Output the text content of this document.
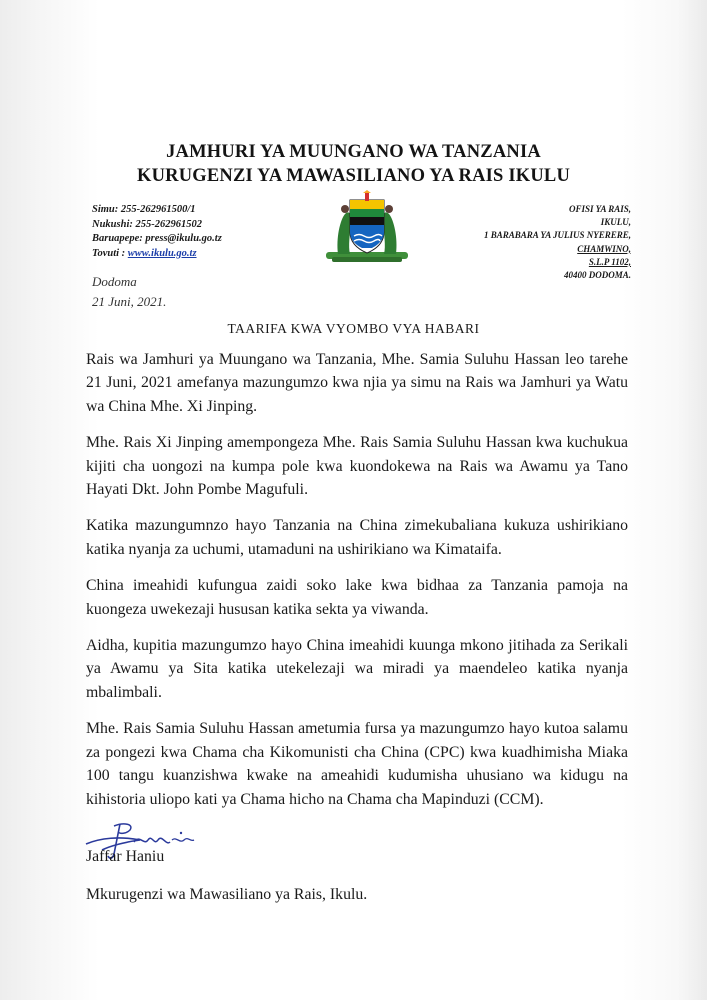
JAMHURI YA MUUNGANO WA TANZANIA
KURUGENZI YA MAWASILIANO YA RAIS IKULU
Simu: 255-262961500/1
Nukushi: 255-262961502
Baruapepe: press@ikulu.go.tz
Tovuti : www.ikulu.go.tz
OFISI YA RAIS,
IKULU,
1 BARABARA YA JULIUS NYERERE,
CHAMWINO,
S.L.P 1102,
40400 DODOMA.
Dodoma
21 Juni, 2021.
TAARIFA KWA VYOMBO VYA HABARI

Rais wa Jamhuri ya Muungano wa Tanzania, Mhe. Samia Suluhu Hassan leo tarehe 21 Juni, 2021 amefanya mazungumzo kwa njia ya simu na Rais wa Jamhuri ya Watu wa China Mhe. Xi Jinping.

Mhe. Rais Xi Jinping amempongeza Mhe. Rais Samia Suluhu Hassan kwa kuchukua kijiti cha uongozi na kumpa pole kwa kuondokewa na Rais wa Awamu ya Tano Hayati Dkt. John Pombe Magufuli.

Katika mazungumnzo hayo Tanzania na China zimekubaliana kukuza ushirikiano katika nyanja za uchumi, utamaduni na ushirikiano wa Kimataifa.

China imeahidi kufungua zaidi soko lake kwa bidhaa za Tanzania pamoja na kuongeza uwekezaji hususan katika sekta ya viwanda.

Aidha, kupitia mazungumzo hayo China imeahidi kuunga mkono jitihada za Serikali ya Awamu ya Sita katika utekelezaji wa miradi ya maendeleo katika nyanja mbalimbali.

Mhe. Rais Samia Suluhu Hassan ametumia fursa ya mazungumzo hayo kutoa salamu za pongezi kwa Chama cha Kikomunisti cha China (CPC) kwa kuadhimisha Miaka 100 tangu kuanzishwa kwake na ameahidi kudumisha uhusiano wa kidugu na kihistoria uliopo kati ya Chama hicho na Chama cha Mapinduzi (CCM).

Jaffar Haniu
Mkurugenzi wa Mawasiliano ya Rais, Ikulu.
